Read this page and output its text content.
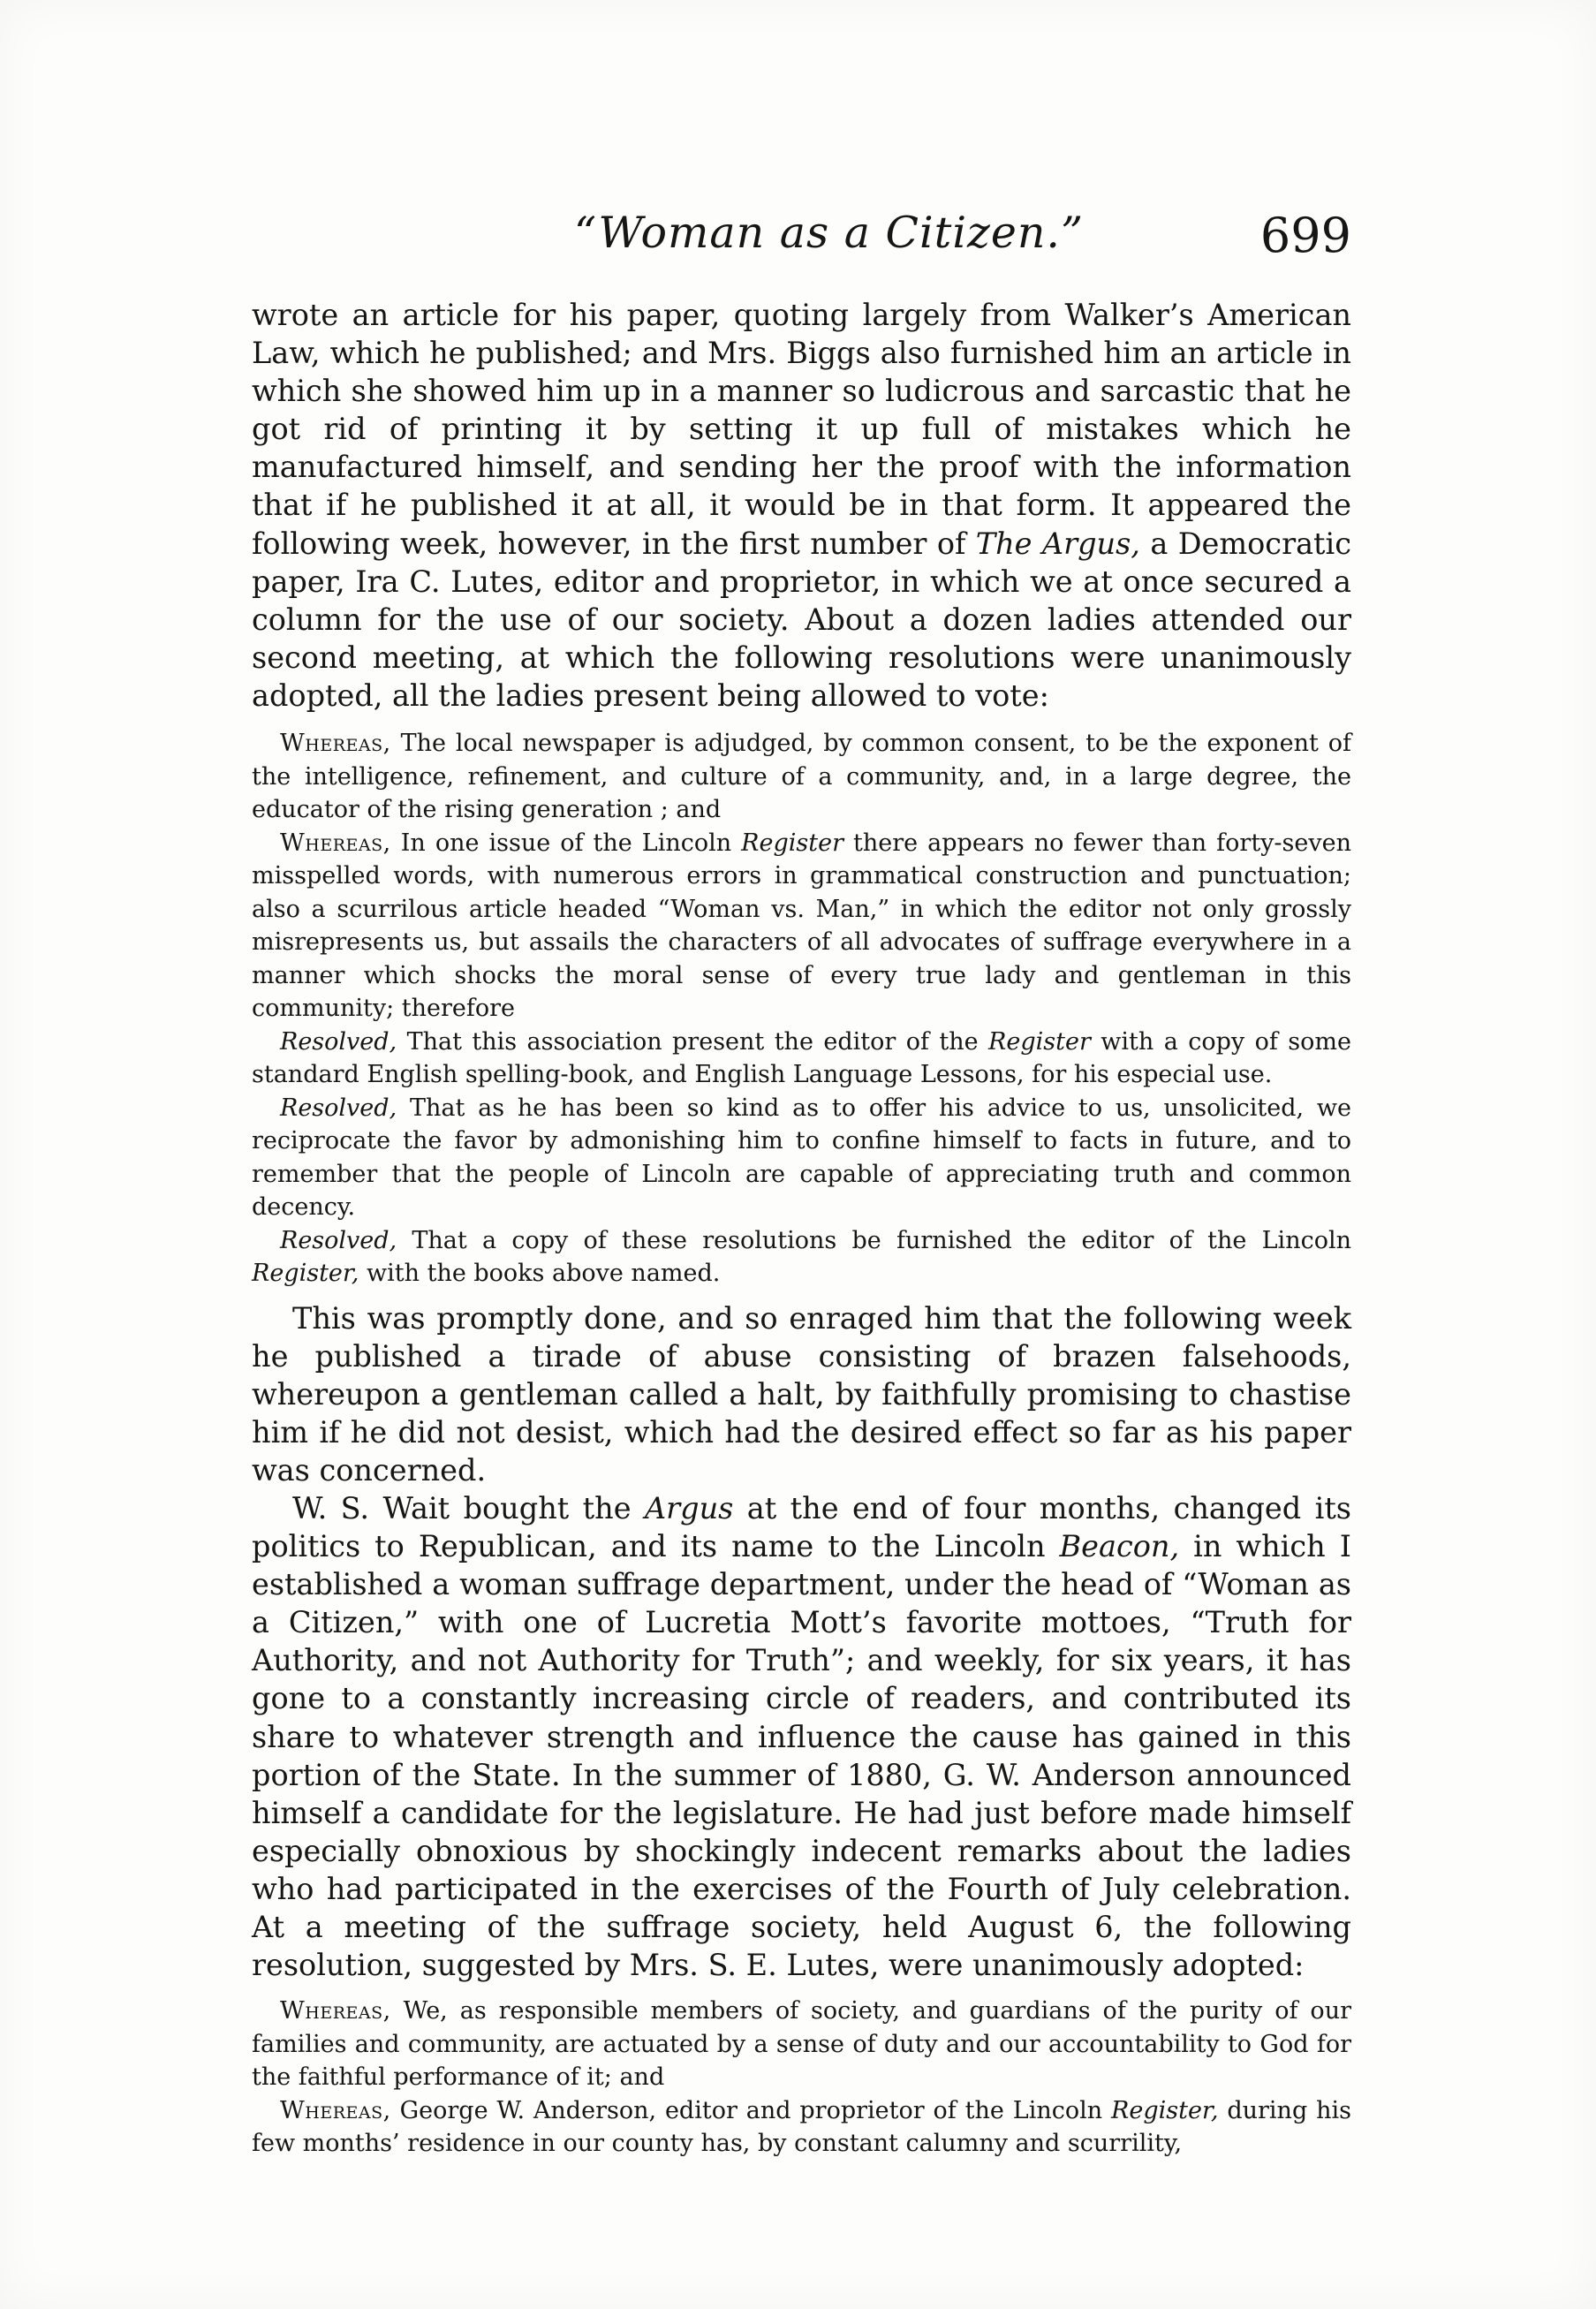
“Woman as a Citizen.”	699

wrote an article for his paper, quoting largely from Walker’s American Law, which he published; and Mrs. Biggs also furnished him an article in which she showed him up in a manner so ludicrous and sarcastic that he got rid of printing it by setting it up full of mistakes which he manufactured himself, and sending her the proof with the information that if he published it at all, it would be in that form. It appeared the following week, however, in the first number of The Argus, a Democratic paper, Ira C. Lutes, editor and proprietor, in which we at once secured a column for the use of our society. About a dozen ladies attended our second meeting, at which the following resolutions were unanimously adopted, all the ladies present being allowed to vote:

Whereas, The local newspaper is adjudged, by common consent, to be the exponent of the intelligence, refinement, and culture of a community, and, in a large degree, the educator of the rising generation ; and

Whereas, In one issue of the Lincoln Register there appears no fewer than forty-seven misspelled words, with numerous errors in grammatical construction and punctuation; also a scurrilous article headed “Woman vs. Man,” in which the editor not only grossly misrepresents us, but assails the characters of all advocates of suffrage everywhere in a manner which shocks the moral sense of every true lady and gentleman in this community; therefore

Resolved, That this association present the editor of the Register with a copy of some standard English spelling-book, and English Language Lessons, for his especial use.

Resolved, That as he has been so kind as to offer his advice to us, unsolicited, we reciprocate the favor by admonishing him to confine himself to facts in future, and to remember that the people of Lincoln are capable of appreciating truth and common decency.

Resolved, That a copy of these resolutions be furnished the editor of the Lincoln Register, with the books above named.

This was promptly done, and so enraged him that the following week he published a tirade of abuse consisting of brazen falsehoods, whereupon a gentleman called a halt, by faithfully promising to chastise him if he did not desist, which had the desired effect so far as his paper was concerned.

W. S. Wait bought the Argus at the end of four months, changed its politics to Republican, and its name to the Lincoln Beacon, in which I established a woman suffrage department, under the head of “Woman as a Citizen,” with one of Lucretia Mott’s favorite mottoes, “Truth for Authority, and not Authority for Truth”; and weekly, for six years, it has gone to a constantly increasing circle of readers, and contributed its share to whatever strength and influence the cause has gained in this portion of the State. In the summer of 1880, G. W. Anderson announced himself a candidate for the legislature. He had just before made himself especially obnoxious by shockingly indecent remarks about the ladies who had participated in the exercises of the Fourth of July celebration. At a meeting of the suffrage society, held August 6, the following resolution, suggested by Mrs. S. E. Lutes, were unanimously adopted:

Whereas, We, as responsible members of society, and guardians of the purity of our families and community, are actuated by a sense of duty and our accountability to God for the faithful performance of it; and

Whereas, George W. Anderson, editor and proprietor of the Lincoln Register, during his few months’ residence in our county has, by constant calumny and scurrility,
